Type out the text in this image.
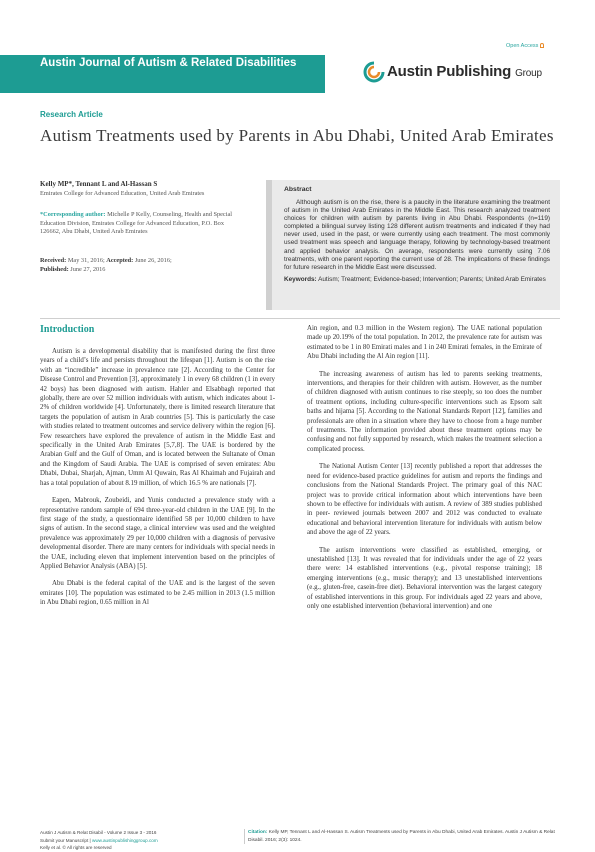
Open Access
Austin Journal of Autism & Related Disabilities	Austin Publishing Group
Research Article
Autism Treatments used by Parents in Abu Dhabi, United Arab Emirates
Kelly MP*, Tennant L and Al-Hassan S
Emirates College for Advanced Education, United Arab Emirates
*Corresponding author: Michelle P Kelly, Counseling, Health and Special Education Division, Emirates College for Advanced Education, P.O. Box 126662, Abu Dhabi, United Arab Emirates
Received: May 31, 2016; Accepted: June 26, 2016;
Published: June 27, 2016
Abstract

Although autism is on the rise, there is a paucity in the literature examining the treatment of autism in the United Arab Emirates in the Middle East. This research analyzed treatment choices for children with autism by parents living in Abu Dhabi. Respondents (n=119) completed a bilingual survey listing 128 different autism treatments and indicated if they had never used, used in the past, or were currently using each treatment. The most commonly used treatment was speech and language therapy, following by technology-based treatment and applied behavior analysis. On average, respondents were currently using 7.06 treatments, with one parent reporting the current use of 28. The implications of these findings for future research in the Middle East were discussed.

Keywords: Autism; Treatment; Evidence-based; Intervention; Parents; United Arab Emirates

Introduction

Autism is a developmental disability that is manifested during the first three years of a child’s life and persists throughout the lifespan [1]. Autism is on the rise with an “incredible” increase in prevalence rate [2]. According to the Center for Disease Control and Prevention [3], approximately 1 in every 68 children (1 in every 42 boys) has been diagnosed with autism. Hahler and Elsabbagh reported that globally, there are over 52 million individuals with autism, which indicates about 1-2% of children worldwide [4]. Unfortunately, there is limited research literature that targets the population of autism in Arab countries [5]. This is particularly the case with studies related to treatment outcomes and service delivery within the region [6]. Few researchers have explored the prevalence of autism in the Middle East and specifically in the United Arab Emirates [5,7,8]. The UAE is bordered by the Arabian Gulf and the Gulf of Oman, and is located between the Sultanate of Oman and the Kingdom of Saudi Arabia. The UAE is comprised of seven emirates: Abu Dhabi, Dubai, Sharjah, Ajman, Umm Al Quwain, Ras Al Khaimah and Fujairah and has a total population of about 8.19 million, of which 16.5 % are nationals [7].

Eapen, Mabrouk, Zoubeidi, and Yunis conducted a prevalence study with a representative random sample of 694 three-year-old children in the UAE [9]. In the first stage of the study, a questionnaire identified 58 per 10,000 children to have signs of autism. In the second stage, a clinical interview was used and the weighted prevalence was approximately 29 per 10,000 children with a diagnosis of pervasive developmental disorder. There are many centers for individuals with special needs in the UAE, including eleven that implement intervention based on the principles of Applied Behavior Analysis (ABA) [5].

Abu Dhabi is the federal capital of the UAE and is the largest of the seven emirates [10]. The population was estimated to be 2.45 million in 2013 (1.5 million in Abu Dhabi region, 0.65 million in Al

Ain region, and 0.3 million in the Western region). The UAE national population made up 20.19% of the total population. In 2012, the prevalence rate for autism was estimated to be 1 in 80 Emirati males and 1 in 240 Emirati females, in the Emirate of Abu Dhabi including the Al Ain region [11].

The increasing awareness of autism has led to parents seeking treatments, interventions, and therapies for their children with autism. However, as the number of children diagnosed with autism continues to rise steeply, so too does the number of treatment options, including culture-specific interventions such as Epsom salt baths and hijama [5]. According to the National Standards Report [12], families and professionals are often in a situation where they have to choose from a huge number of treatments. The information provided about these treatment options may be confusing and not fully supported by research, which makes the treatment selection a complicated process.

The National Autism Center [13] recently published a report that addresses the need for evidence-based practice guidelines for autism and reports the findings and conclusions from the National Standards Project. The primary goal of this NAC project was to provide critical information about which interventions have been shown to be effective for individuals with autism. A review of 389 studies published in peer- reviewed journals between 2007 and 2012 was conducted to evaluate educational and behavioral intervention literature for individuals with autism below and above the age of 22 years.

The autism interventions were classified as established, emerging, or unestablished [13]. It was revealed that for individuals under the age of 22 years there were: 14 established interventions (e.g., pivotal response training); 18 emerging interventions (e.g., music therapy); and 13 unestablished interventions (e.g., gluten-free, casein-free diet). Behavioral intervention was the largest category of established interventions in this group. For individuals aged 22 years and above, only one established intervention (behavioral intervention) and one

Austin J Autism & Relat Disabil - Volume 2 Issue 3 - 2016
Submit your Manuscript | www.austinpublishinggroup.com
Kelly et al. © All rights are reserved
Citation: Kelly MP, Tennant L and Al-Hassan S. Autism Treatments used by Parents in Abu Dhabi, United Arab Emirates. Austin J Autism & Relat Disabil. 2016; 2(3): 1024.
